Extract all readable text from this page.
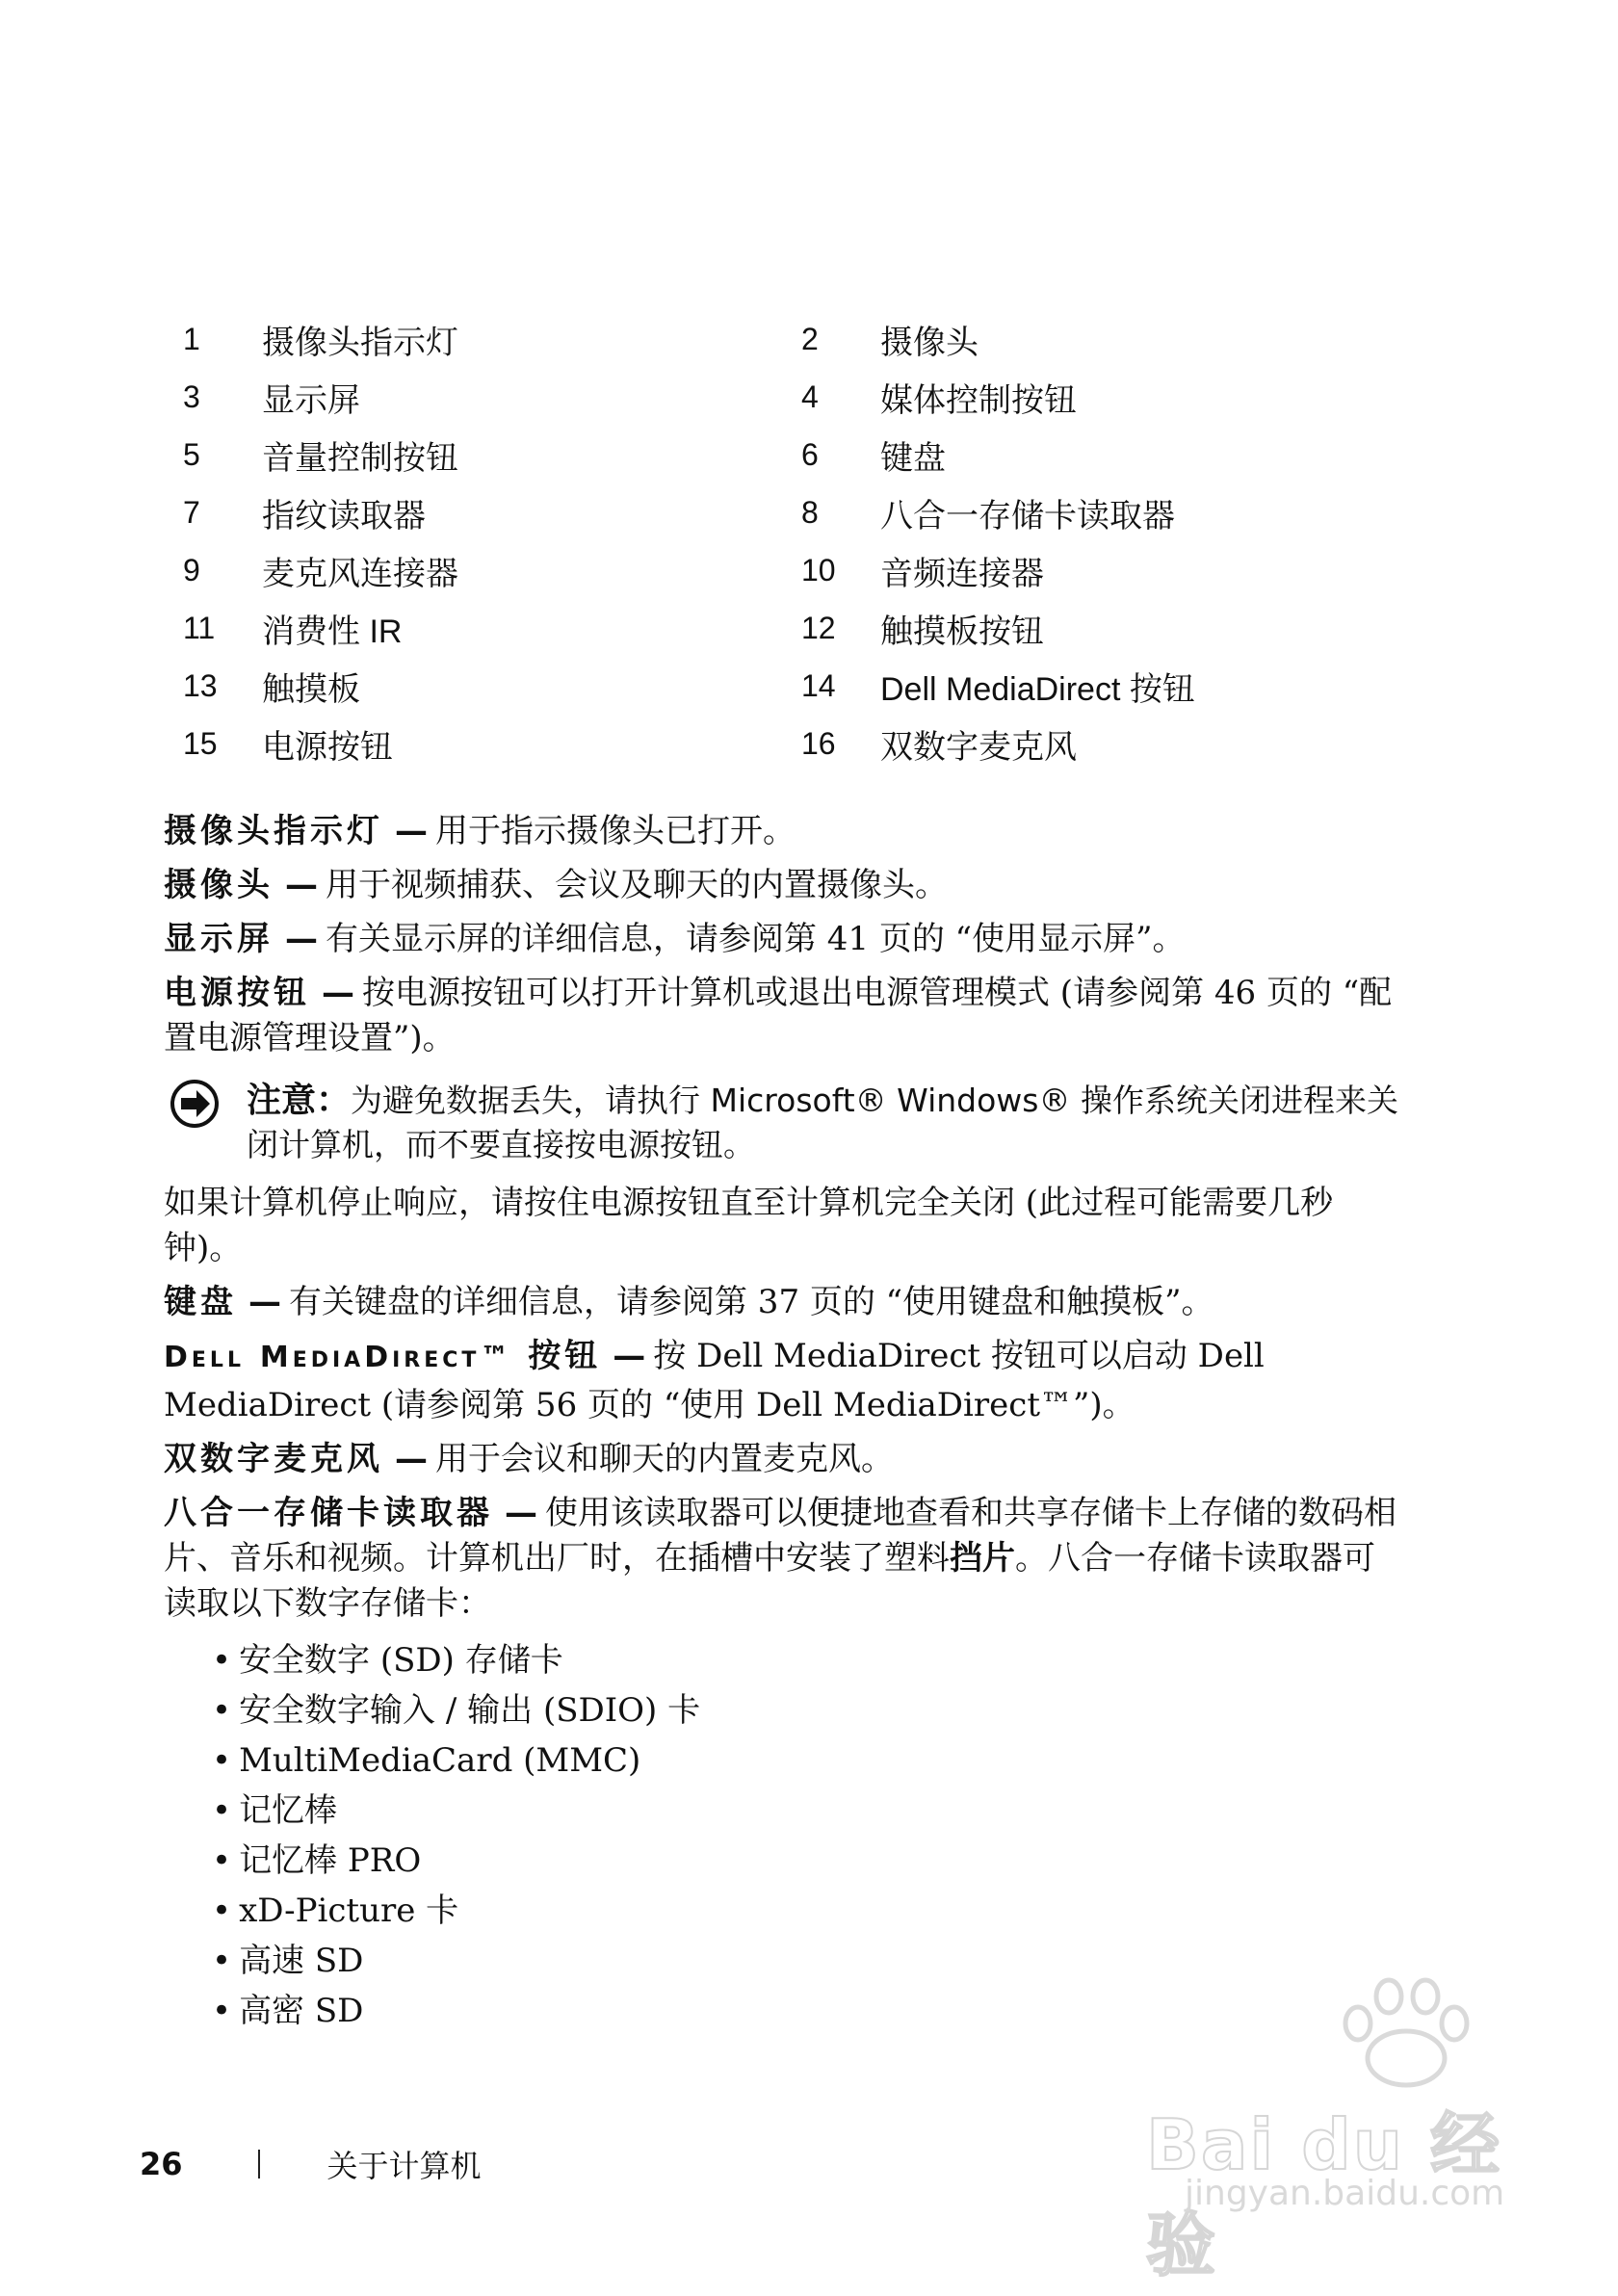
1	摄像头指示灯	2	摄像头
3	显示屏	4	媒体控制按钮
5	音量控制按钮	6	键盘
7	指纹读取器	8	八合一存储卡读取器
9	麦克风连接器	10	音频连接器
11	消费性 IR	12	触摸板按钮
13	触摸板	14	Dell MediaDirect 按钮
15	电源按钮	16	双数字麦克风

摄像头指示灯 — 用于指示摄像头已打开。

摄像头 — 用于视频捕获、会议及聊天的内置摄像头。

显示屏 — 有关显示屏的详细信息，请参阅第 41 页的 “使用显示屏”。

电源按钮 — 按电源按钮可以打开计算机或退出电源管理模式 (请参阅第 46 页的 “配置电源管理设置”)。

注意：为避免数据丢失，请执行 Microsoft® Windows® 操作系统关闭进程来关闭计算机，而不要直接按电源按钮。

如果计算机停止响应，请按住电源按钮直至计算机完全关闭 (此过程可能需要几秒钟)。

键盘 — 有关键盘的详细信息，请参阅第 37 页的 “使用键盘和触摸板”。

DELL MEDIADIRECT™ 按钮 — 按 Dell MediaDirect 按钮可以启动 Dell MediaDirect (请参阅第 56 页的 “使用 Dell MediaDirect™”)。

双数字麦克风 — 用于会议和聊天的内置麦克风。

八合一存储卡读取器 — 使用该读取器可以便捷地查看和共享存储卡上存储的数码相片、音乐和视频。计算机出厂时，在插槽中安装了塑料挡片。八合一存储卡读取器可读取以下数字存储卡：

• 安全数字 (SD) 存储卡
• 安全数字输入 / 输出 (SDIO) 卡
• MultiMediaCard (MMC)
• 记忆棒
• 记忆棒 PRO
• xD-Picture 卡
• 高速 SD
• 高密 SD
26	关于计算机	Bai du 经验
jingyan.baidu.com
